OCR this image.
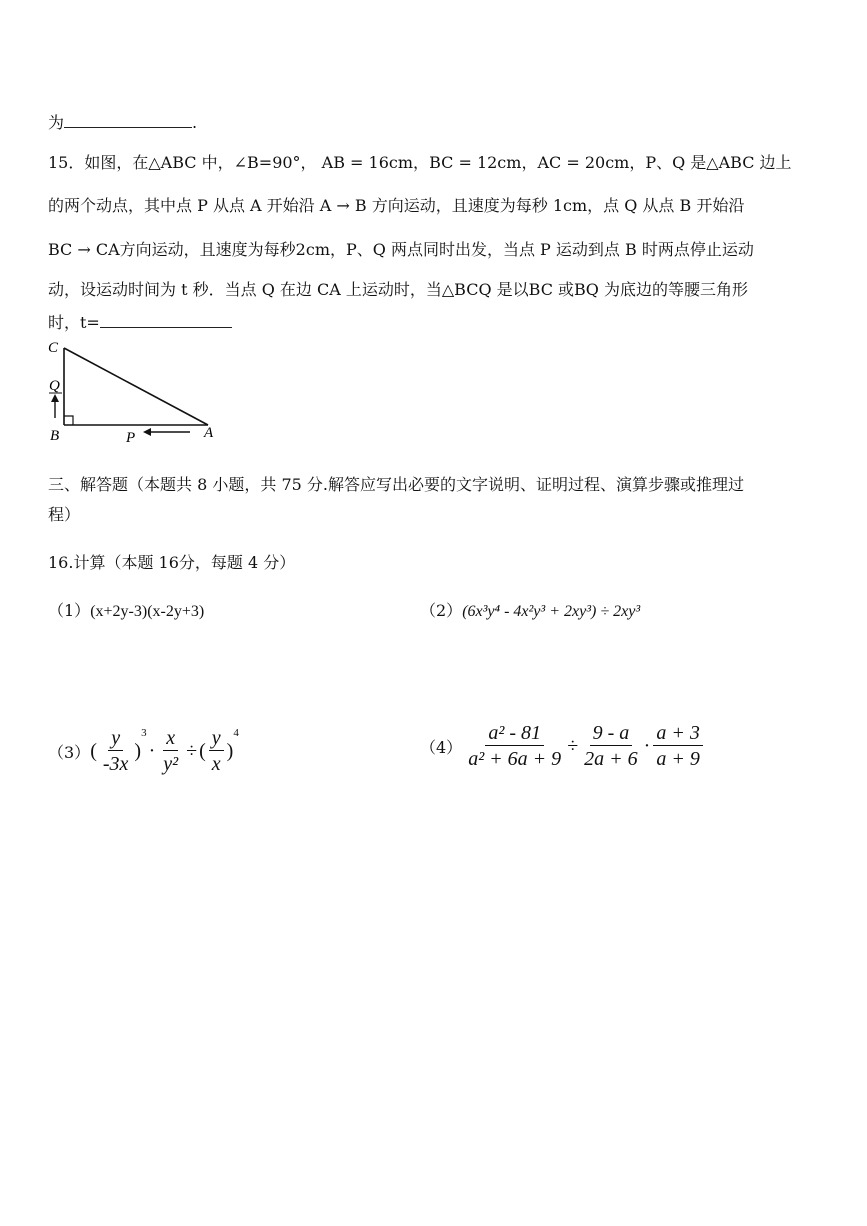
为	.
15．如图，在△ABC 中，∠B=90°， AB = 16cm，BC = 12cm，AC = 20cm，P、Q 是△ABC 边上
的两个动点，其中点 P 从点 A 开始沿 A → B 方向运动，且速度为每秒 1cm，点 Q 从点 B 开始沿
BC → CA方向运动，且速度为每秒2cm，P、Q 两点同时出发，当点 P 运动到点 B 时两点停止运动
动，设运动时间为 t 秒．当点 Q 在边 CA 上运动时，当△BCQ 是以BC 或BQ 为底边的等腰三角形
时，t=
C
Q
B	P	A
三、解答题（本题共 8 小题，共 75 分.解答应写出必要的文字说明、证明过程、演算步骤或推理过
程）
16.计算（本题 16分，每题 4 分）
（1）(x+2y-3)(x-2y+3)	（2）(6x³y⁴ - 4x²y³ + 2xy³) ÷ 2xy³
（3） ( $\frac{y}{-3x}$ )
3
· $\frac{x}{\text{y²}}$ ÷ ( $\frac{y}{x}$ )
4
$(4) \frac{\text{a² - 81}}{\text{a² + 6a + 9}} \div \frac{9 - a}{2a + 6} \cdot \frac{a + 3}{a + 9}$
